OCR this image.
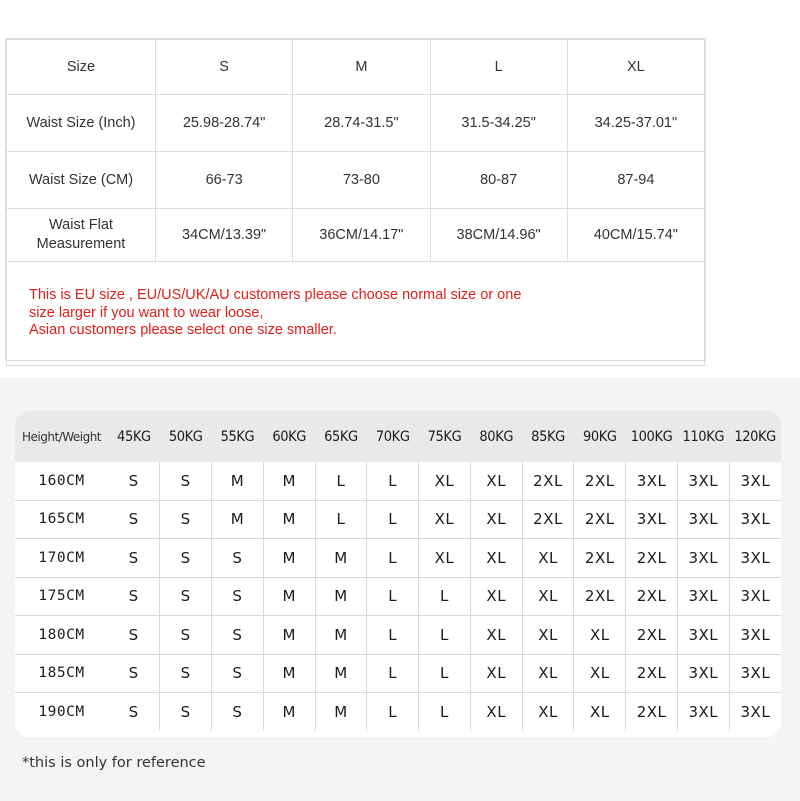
Size	S	M	L	XL
Waist Size (Inch)	25.98-28.74"	28.74-31.5"	31.5-34.25"	34.25-37.01"
Waist Size (CM)	66-73	73-80	80-87	87-94

Waist Flat
Measurement	34CM/13.39"	36CM/14.17"	38CM/14.96"	40CM/15.74"

This is EU size , EU/US/UK/AU customers please choose normal size or one
size larger if you want to wear loose,
Asian customers please select one size smaller.				
Height/Weight	45KG	50KG	55KG	60KG	65KG	70KG	75KG	80KG	85KG	90KG	100KG	110KG	120KG
160CM	S	S	M	M	L	L	XL	XL	2XL	2XL	3XL	3XL	3XL
165CM	S	S	M	M	L	L	XL	XL	2XL	2XL	3XL	3XL	3XL
170CM	S	S	S	M	M	L	XL	XL	XL	2XL	2XL	3XL	3XL
175CM	S	S	S	M	M	L	L	XL	XL	2XL	2XL	3XL	3XL
180CM	S	S	S	M	M	L	L	XL	XL	XL	2XL	3XL	3XL
185CM	S	S	S	M	M	L	L	XL	XL	XL	2XL	3XL	3XL
190CM	S	S	S	M	M	L	L	XL	XL	XL	2XL	3XL	3XL
*this is only for reference
